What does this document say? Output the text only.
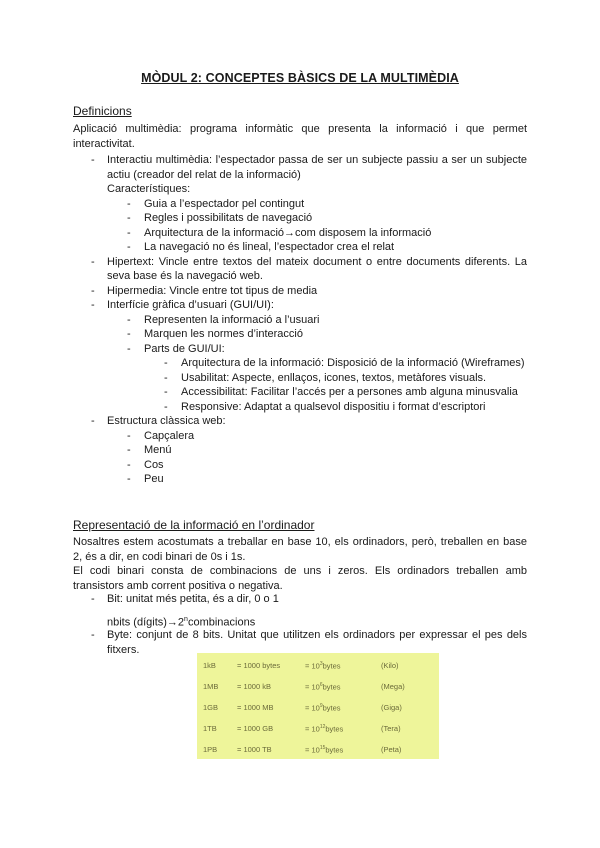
MÒDUL 2: CONCEPTES BÀSICS DE LA MULTIMÈDIA
Definicions

Aplicació multimèdia: programa informàtic que presenta la informació i que permet interactivitat.

- Interactiu multimèdia: l’espectador passa de ser un subjecte passiu a ser un subjecte actiu (creador del relat de la informació)
Característiques:
- Guia a l’espectador pel contingut
- Regles i possibilitats de navegació
- Arquitectura de la informació→com disposem la informació
- La navegació no és lineal, l’espectador crea el relat
- Hipertext: Vincle entre textos del mateix document o entre documents diferents. La seva base és la navegació web.
- Hipermedia: Vincle entre tot tipus de media
- Interfície gràfica d’usuari (GUI/UI):
- Representen la informació a l’usuari
- Marquen les normes d’interacció
- Parts de GUI/UI:
- Arquitectura de la informació: Disposició de la informació (Wireframes)
- Usabilitat: Aspecte, enllaços, icones, textos, metàfores visuals.
- Accessibilitat: Facilitar l’accés per a persones amb alguna minusvalia
- Responsive: Adaptat a qualsevol dispositiu i format d’escriptori
- Estructura clàssica web:
- Capçalera
- Menú
- Cos
- Peu
Representació de la informació en l’ordinador

Nosaltres estem acostumats a treballar en base 10, els ordinadors, però, treballen en base 2, és a dir, en codi binari de 0s i 1s.

El codi binari consta de combinacions de uns i zeros. Els ordinadors treballen amb transistors amb corrent positiva o negativa.

- Bit: unitat més petita, és a dir, 0 o 1
nbits $(dígits)\to 2^ncombinacions$
- Byte: conjunt de 8 bits. Unitat que utilitzen els ordinadors per expressar el pes dels fitxers.
1kB	= 1000 bytes	= $10^3bytes$	(Kilo)
1MB = 1000 kB	= $10^6bytes$	(Mega)
1GB	= 1000 MB	= $10^9bytes$	(Giga)
1TB	= 1000 GB	= $10^{12}bytes$	(Tera)
1PB	= 1000 TB	= $10^{15}bytes$	(Peta)
